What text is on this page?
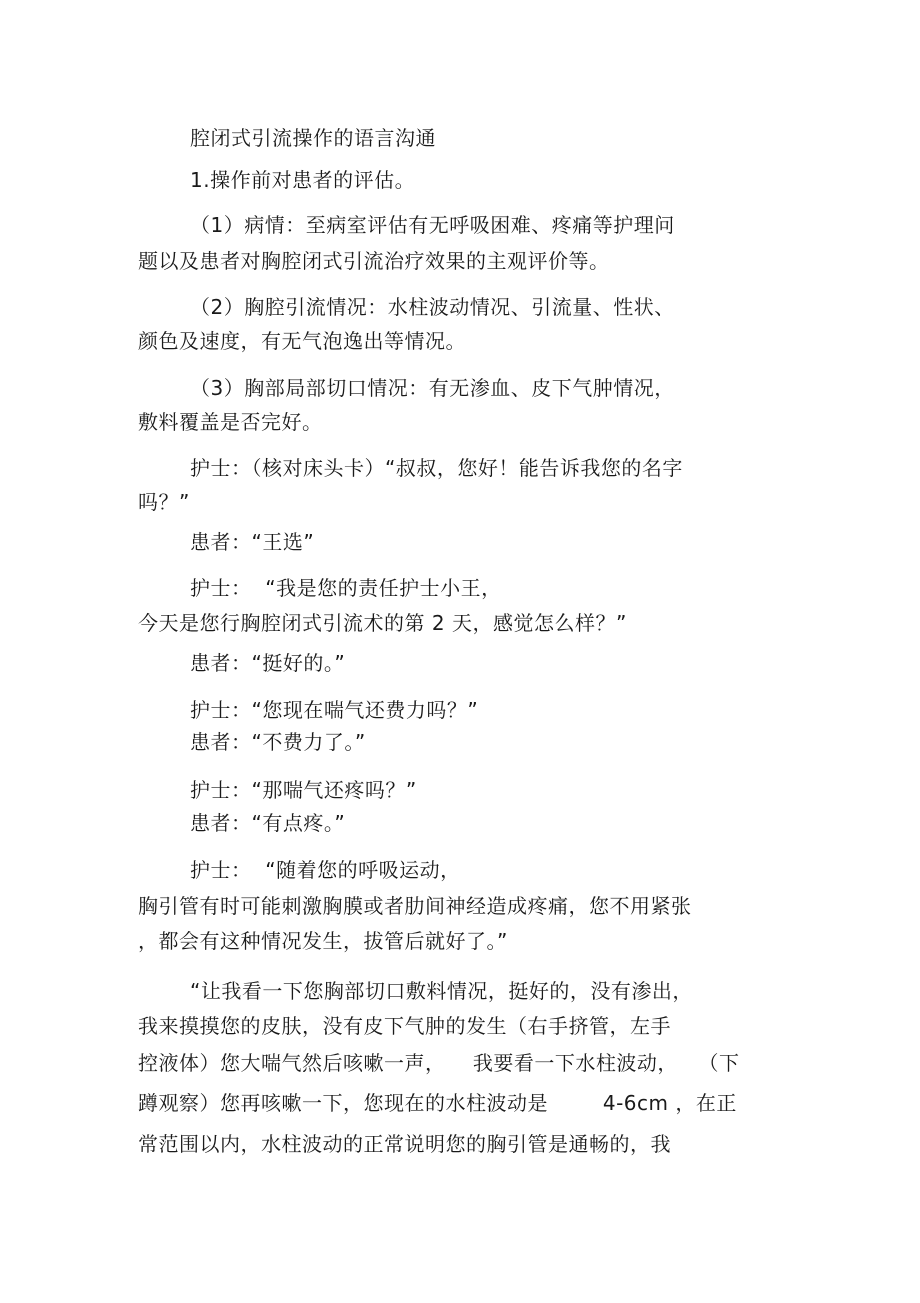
腔闭式引流操作的语言沟通
1.操作前对患者的评估。
（1）病情：至病室评估有无呼吸困难、疼痛等护理问
题以及患者对胸腔闭式引流治疗效果的主观评价等。
（2）胸腔引流情况：水柱波动情况、引流量、性状、
颜色及速度，有无气泡逸出等情况。
（3）胸部局部切口情况：有无渗血、皮下气肿情况，
敷料覆盖是否完好。
护士：（核对床头卡）“叔叔，您好！能告诉我您的名字
吗？”
患者：“王选”
护士：  “我是您的责任护士小王，
今天是您行胸腔闭式引流术的第 2 天，感觉怎么样？”
患者：“挺好的。”
护士：“您现在喘气还费力吗？”
患者：“不费力了。”
护士：“那喘气还疼吗？”
患者：“有点疼。”
护士：  “随着您的呼吸运动，
胸引管有时可能刺激胸膜或者肋间神经造成疼痛，您不用紧张
，都会有这种情况发生，拔管后就好了。”
“让我看一下您胸部切口敷料情况，挺好的，没有渗出，
我来摸摸您的皮肤，没有皮下气肿的发生（右手挤管，左手
控液体）您大喘气然后咳嗽一声，    我要看一下水柱波动，   （下
蹲观察）您再咳嗽一下，您现在的水柱波动是        4-6cm ，在正
常范围以内，水柱波动的正常说明您的胸引管是通畅的，我
